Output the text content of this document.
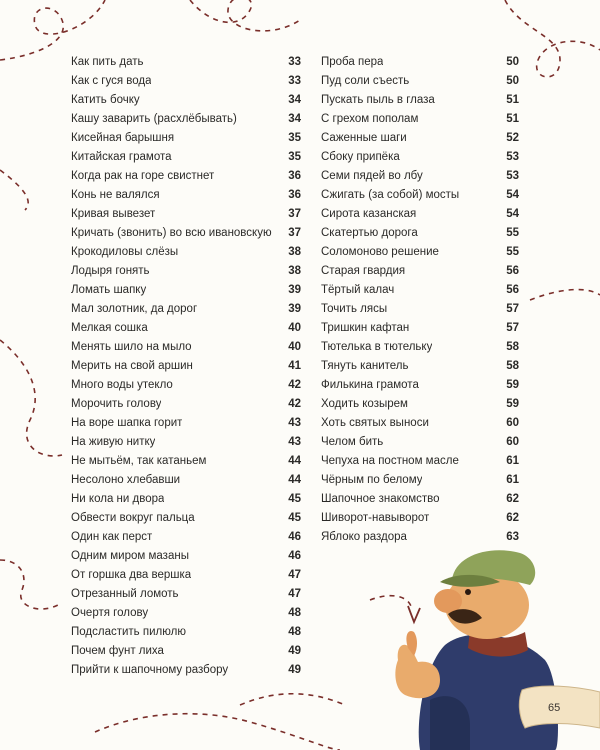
65
Как пить дать	33
Как с гуся вода	33
Катить бочку	34
Кашу заварить (расхлёбывать)	34
Кисейная барышня	35
Китайская грамота	35
Когда рак на горе свистнет	36
Конь не валялся	36
Кривая вывезет	37
Кричать (звонить) во всю ивановскую 37
Крокодиловы слёзы	38
Лодыря гонять	38
Ломать шапку	39
Мал золотник, да дорог	39
Мелкая сошка	40
Менять шило на мыло	40
Мерить на свой аршин	41
Много воды утекло	42
Морочить голову	42
На воре шапка горит	43
На живую нитку	43
Не мытьём, так катаньем	44
Несолоно хлебавши	44
Ни кола ни двора	45
Обвести вокруг пальца	45
Один как перст	46
Одним миром мазаны	46
От горшка два вершка	47
Отрезанный ломоть	47
Очертя голову	48
Подсластить пилюлю	48
Почем фунт лиха	49
Прийти к шапочному разбору	49
Проба пера	50
Пуд соли съесть	50
Пускать пыль в глаза	51
С грехом пополам	51
Саженные шаги	52
Сбоку припёка	53
Семи пядей во лбу	53
Сжигать (за собой) мосты	54
Сирота казанская	54
Скатертью дорога	55
Соломоново решение	55
Старая гвардия	56
Тёртый калач	56
Точить лясы	57
Тришкин кафтан	57
Тютелька в тютельку	58
Тянуть канитель	58
Филькина грамота	59
Ходить козырем	59
Хоть святых выноси	60
Челом бить	60
Чепуха на постном масле	61
Чёрным по белому	61
Шапочное знакомство	62
Шиворот-навыворот	62
Яблоко раздора	63
